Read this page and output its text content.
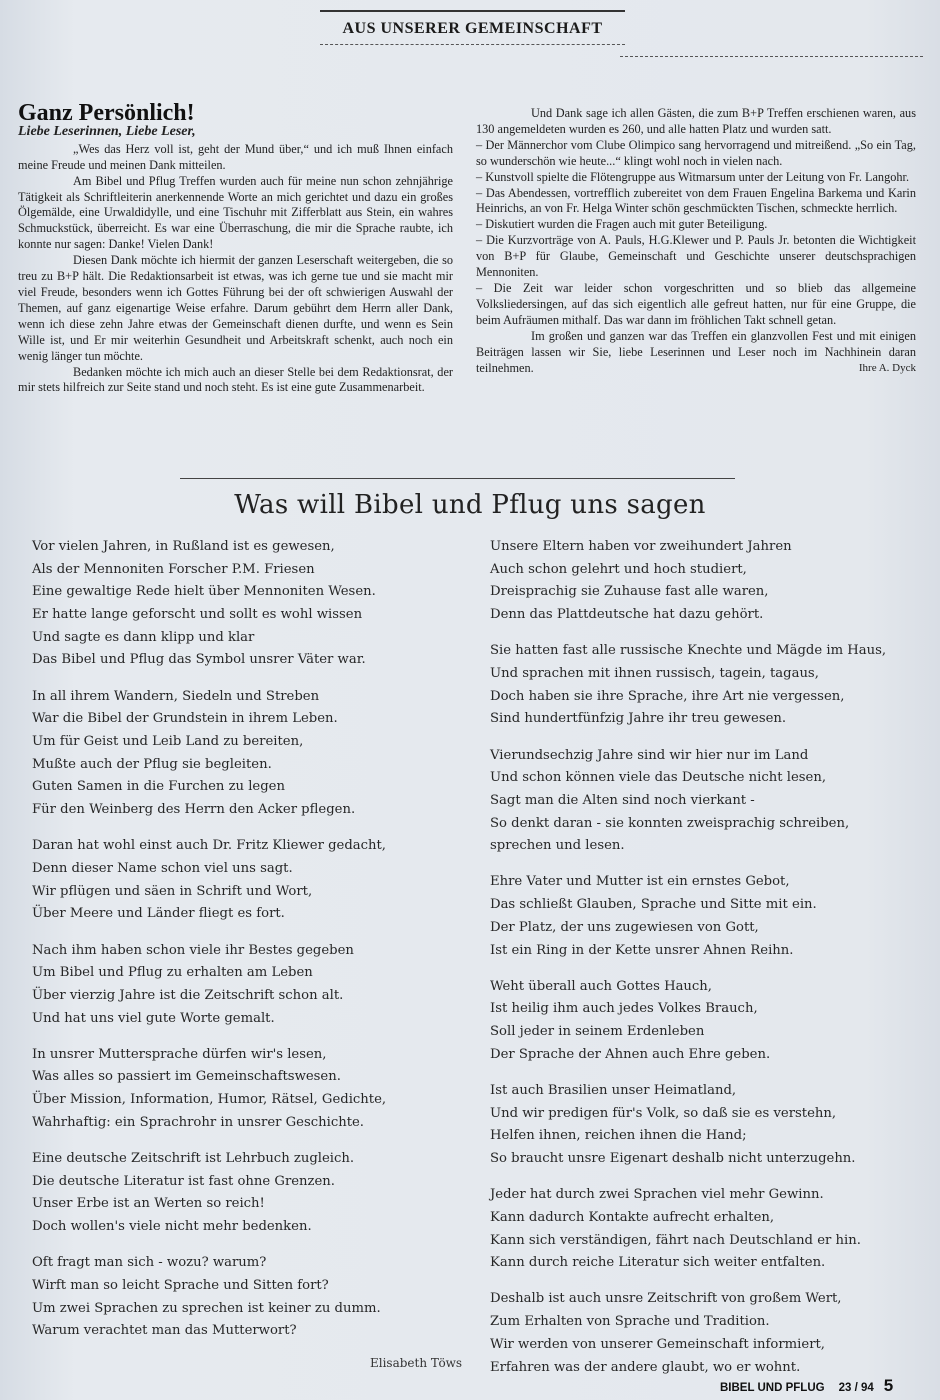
AUS UNSERER GEMEINSCHAFT
Ganz Persönlich!
Liebe Leserinnen, Liebe Leser,

„Wes das Herz voll ist, geht der Mund über,“ und ich muß Ihnen einfach meine Freude und meinen Dank mitteilen.

Am Bibel und Pflug Treffen wurden auch für meine nun schon zehnjährige Tätigkeit als Schriftleiterin anerkennende Worte an mich gerichtet und dazu ein großes Ölgemälde, eine Urwaldidylle, und eine Tischuhr mit Zifferblatt aus Stein, ein wahres Schmuckstück, überreicht. Es war eine Überraschung, die mir die Sprache raubte, ich konnte nur sagen: Danke! Vielen Dank!

Diesen Dank möchte ich hiermit der ganzen Leserschaft weitergeben, die so treu zu B+P hält. Die Redaktionsarbeit ist etwas, was ich gerne tue und sie macht mir viel Freude, besonders wenn ich Gottes Führung bei der oft schwierigen Auswahl der Themen, auf ganz eigenartige Weise erfahre. Darum gebührt dem Herrn aller Dank, wenn ich diese zehn Jahre etwas der Gemeinschaft dienen durfte, und wenn es Sein Wille ist, und Er mir weiterhin Gesundheit und Arbeitskraft schenkt, auch noch ein wenig länger tun möchte.

Bedanken möchte ich mich auch an dieser Stelle bei dem Redaktionsrat, der mir stets hilfreich zur Seite stand und noch steht. Es ist eine gute Zusammenarbeit.

Und Dank sage ich allen Gästen, die zum B+P Treffen erschienen waren, aus 130 angemeldeten wurden es 260, und alle hatten Platz und wurden satt.

– Der Männerchor vom Clube Olimpico sang hervorragend und mitreißend. „So ein Tag, so wunderschön wie heute...“ klingt wohl noch in vielen nach.

– Kunstvoll spielte die Flötengruppe aus Witmarsum unter der Leitung von Fr. Langohr.

– Das Abendessen, vortrefflich zubereitet von dem Frauen Engelina Barkema und Karin Heinrichs, an von Fr. Helga Winter schön geschmückten Tischen, schmeckte herrlich.

– Diskutiert wurden die Fragen auch mit guter Beteiligung.

– Die Kurzvorträge von A. Pauls, H.G.Klewer und P. Pauls Jr. betonten die Wichtigkeit von B+P für Glaube, Gemeinschaft und Geschichte unserer deutschsprachigen Mennoniten.

– Die Zeit war leider schon vorgeschritten und so blieb das allgemeine Volksliedersingen, auf das sich eigentlich alle gefreut hatten, nur für eine Gruppe, die beim Aufräumen mithalf. Das war dann im fröhlichen Takt schnell getan.

Im großen und ganzen war das Treffen ein glanzvollen Fest und mit einigen Beiträgen lassen wir Sie, liebe Leserinnen und Leser noch im Nachhinein daran teilnehmen.	Ihre A. Dyck
Was will Bibel und Pflug uns sagen
Vor vielen Jahren, in Rußland ist es gewesen,
Als der Mennoniten Forscher P.M. Friesen
Eine gewaltige Rede hielt über Mennoniten Wesen.
Er hatte lange geforscht und sollt es wohl wissen
Und sagte es dann klipp und klar
Das Bibel und Pflug das Symbol unsrer Väter war.
In all ihrem Wandern, Siedeln und Streben
War die Bibel der Grundstein in ihrem Leben.
Um für Geist und Leib Land zu bereiten,
Mußte auch der Pflug sie begleiten.
Guten Samen in die Furchen zu legen
Für den Weinberg des Herrn den Acker pflegen.
Daran hat wohl einst auch Dr. Fritz Kliewer gedacht,
Denn dieser Name schon viel uns sagt.
Wir pflügen und säen in Schrift und Wort,
Über Meere und Länder fliegt es fort.
Nach ihm haben schon viele ihr Bestes gegeben
Um Bibel und Pflug zu erhalten am Leben
Über vierzig Jahre ist die Zeitschrift schon alt.
Und hat uns viel gute Worte gemalt.
In unsrer Muttersprache dürfen wir's lesen,
Was alles so passiert im Gemeinschaftswesen.
Über Mission, Information, Humor, Rätsel, Gedichte,
Wahrhaftig: ein Sprachrohr in unsrer Geschichte.
Eine deutsche Zeitschrift ist Lehrbuch zugleich.
Die deutsche Literatur ist fast ohne Grenzen.
Unser Erbe ist an Werten so reich!
Doch wollen's viele nicht mehr bedenken.
Oft fragt man sich - wozu? warum?
Wirft man so leicht Sprache und Sitten fort?
Um zwei Sprachen zu sprechen ist keiner zu dumm.
Warum verachtet man das Mutterwort?
Unsere Eltern haben vor zweihundert Jahren
Auch schon gelehrt und hoch studiert,
Dreisprachig sie Zuhause fast alle waren,
Denn das Plattdeutsche hat dazu gehört.
Sie hatten fast alle russische Knechte und Mägde im Haus,
Und sprachen mit ihnen russisch, tagein, tagaus,
Doch haben sie ihre Sprache, ihre Art nie vergessen,
Sind hundertfünfzig Jahre ihr treu gewesen.
Vierundsechzig Jahre sind wir hier nur im Land
Und schon können viele das Deutsche nicht lesen,
Sagt man die Alten sind noch vierkant -
So denkt daran - sie konnten zweisprachig schreiben,
sprechen und lesen.
Ehre Vater und Mutter ist ein ernstes Gebot,
Das schließt Glauben, Sprache und Sitte mit ein.
Der Platz, der uns zugewiesen von Gott,
Ist ein Ring in der Kette unsrer Ahnen Reihn.
Weht überall auch Gottes Hauch,
Ist heilig ihm auch jedes Volkes Brauch,
Soll jeder in seinem Erdenleben
Der Sprache der Ahnen auch Ehre geben.
Ist auch Brasilien unser Heimatland,
Und wir predigen für's Volk, so daß sie es verstehn,
Helfen ihnen, reichen ihnen die Hand;
So braucht unsre Eigenart deshalb nicht unterzugehn.
Jeder hat durch zwei Sprachen viel mehr Gewinn.
Kann dadurch Kontakte aufrecht erhalten,
Kann sich verständigen, fährt nach Deutschland er hin.
Kann durch reiche Literatur sich weiter entfalten.
Deshalb ist auch unsre Zeitschrift von großem Wert,
Zum Erhalten von Sprache und Tradition.
Wir werden von unserer Gemeinschaft informiert,
Erfahren was der andere glaubt, wo er wohnt.
Elisabeth Töws
BIBEL UND PFLUG 23 / 94 5
